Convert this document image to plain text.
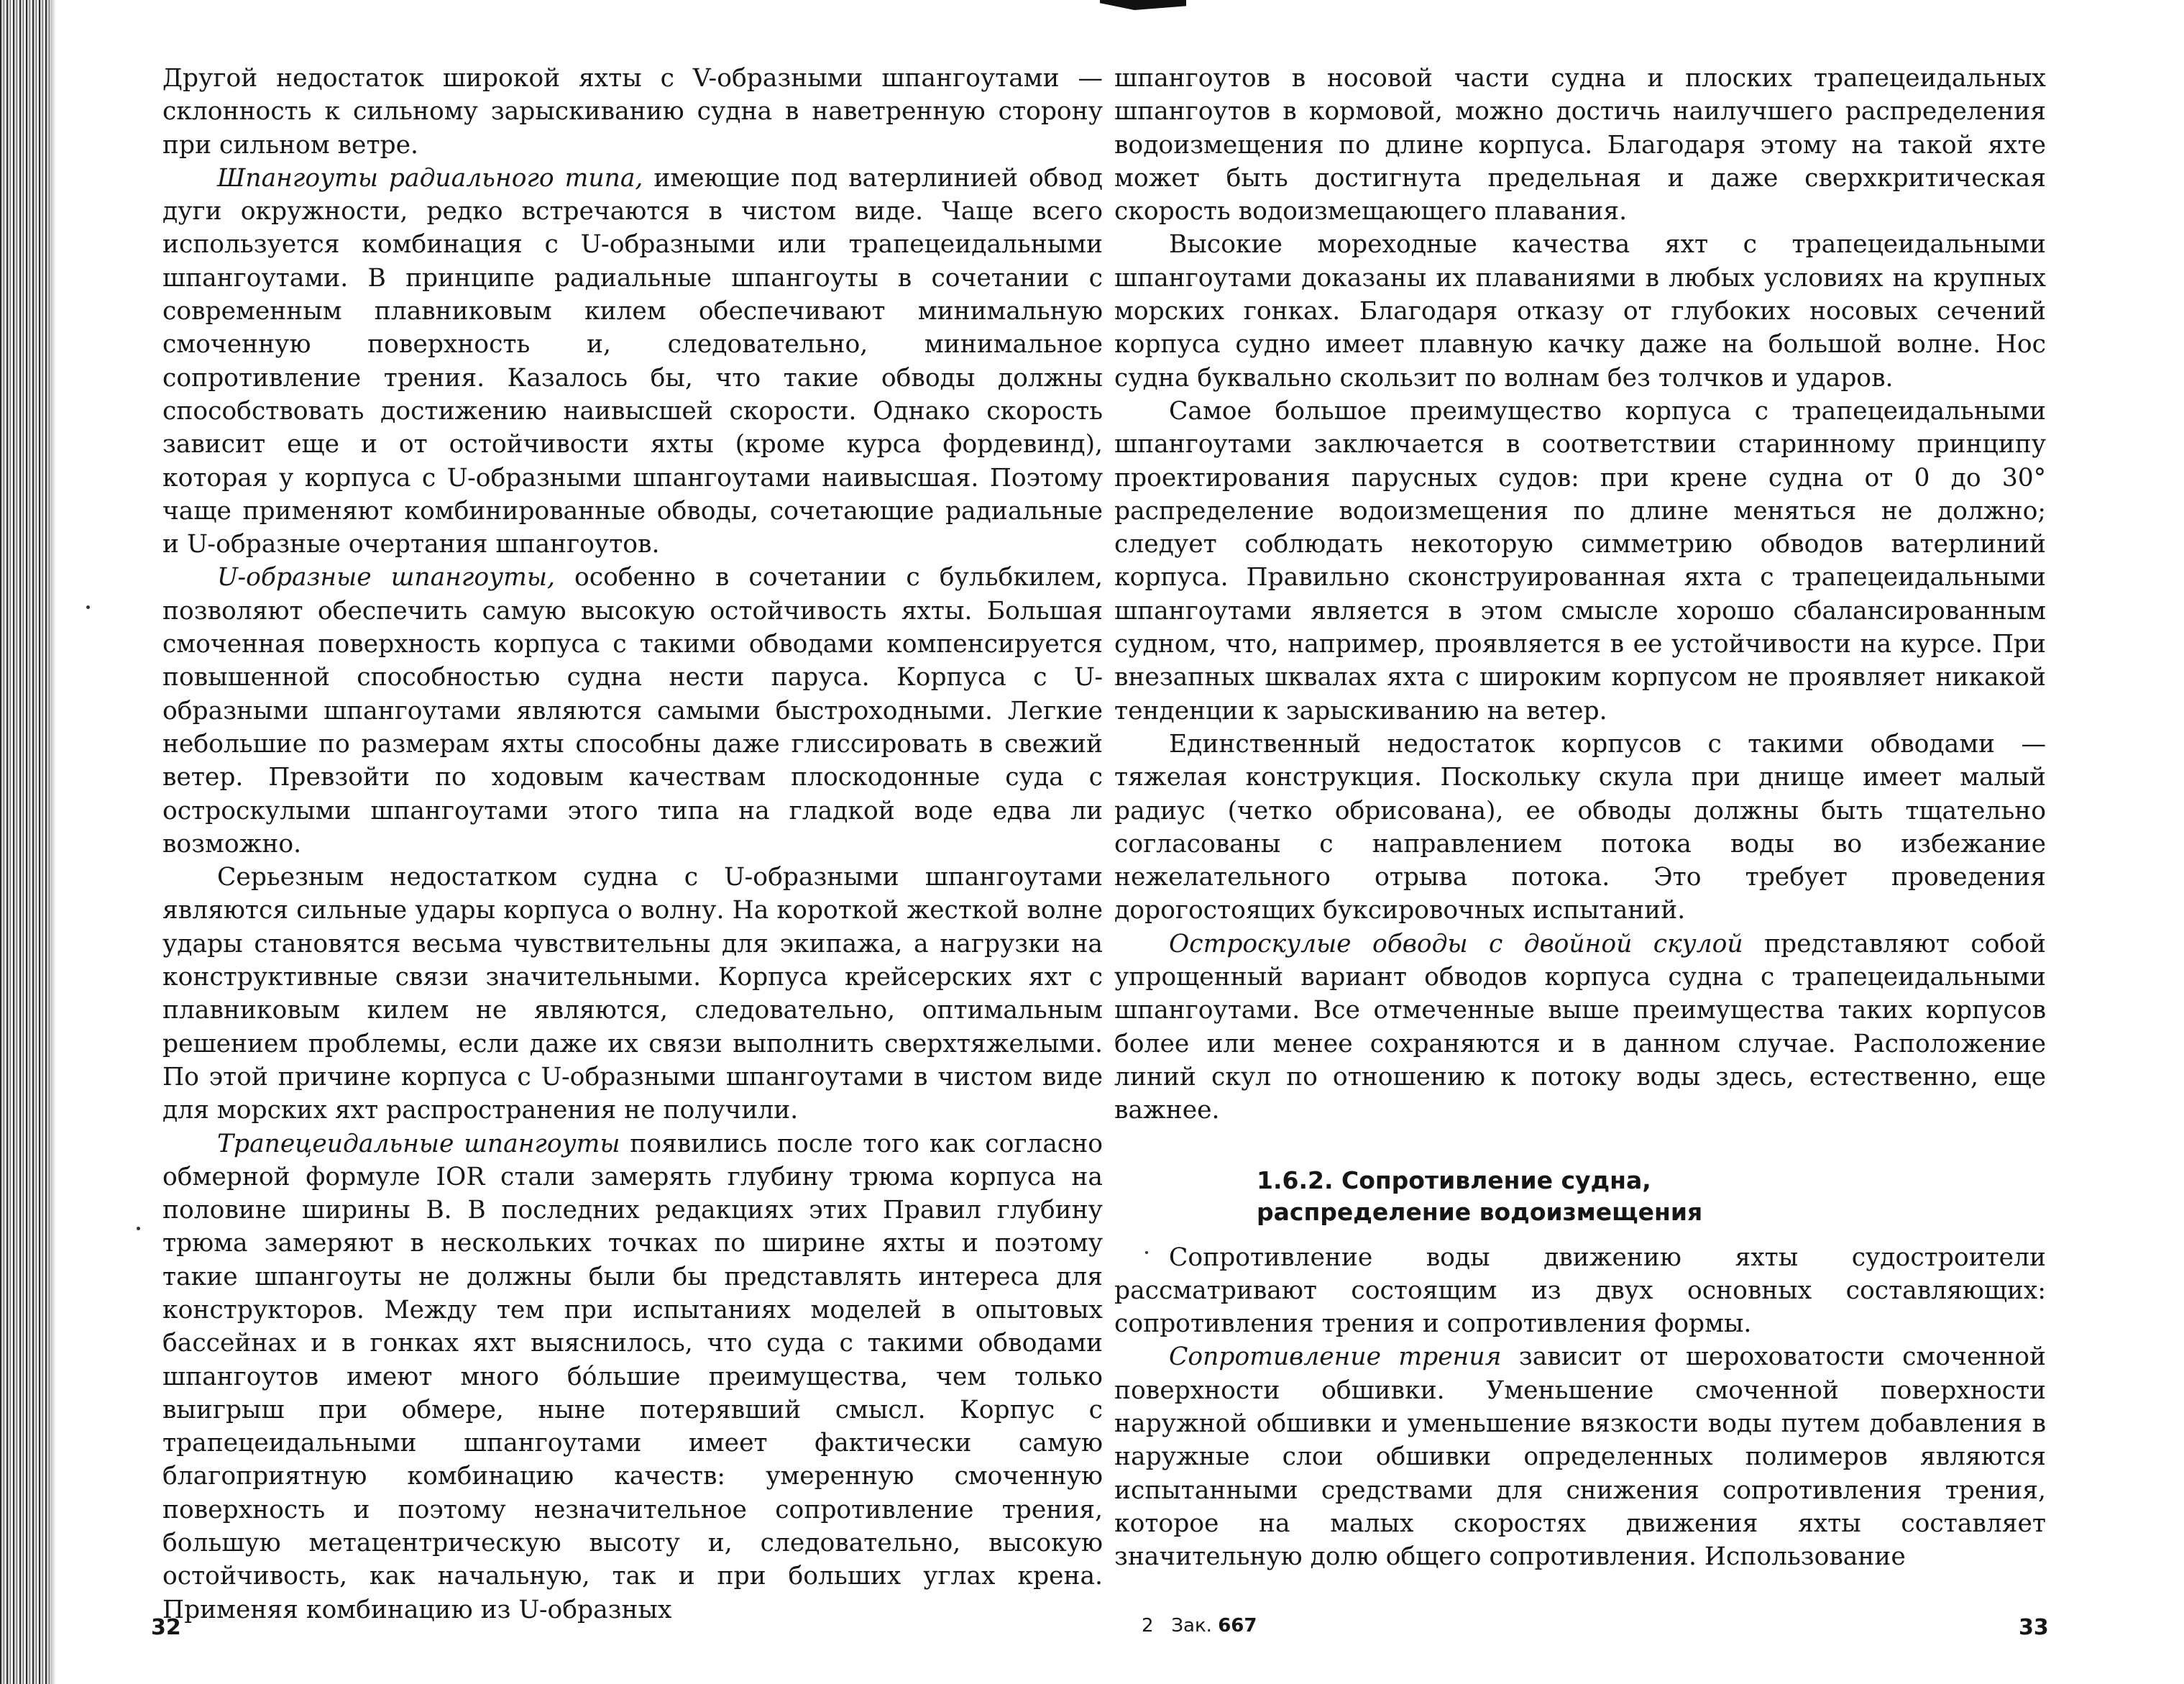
Другой недостаток широкой яхты с V-образными шпангоутами — склонность к сильному зарыскиванию судна в наветренную сторону при сильном ветре.

Шпангоуты радиального типа, имеющие под ватерлинией обвод дуги окружности, редко встречаются в чистом виде. Чаще всего используется комбинация с U-образными или трапецеидальными шпангоутами. В принципе радиальные шпангоуты в сочетании с современным плавниковым килем обеспечивают минимальную смоченную поверхность и, следовательно, минимальное сопротивление трения. Казалось бы, что такие обводы должны способствовать достижению наивысшей скорости. Однако скорость зависит еще и от остойчивости яхты (кроме курса фордевинд), которая у корпуса с U-образными шпангоутами наивысшая. Поэтому чаще применяют комбинированные обводы, сочетающие радиальные и U-образные очертания шпангоутов.

U-образные шпангоуты, особенно в сочетании с бульбкилем, позволяют обеспечить самую высокую остойчивость яхты. Большая смоченная поверхность корпуса с такими обводами компенсируется повышенной способностью судна нести паруса. Корпуса с U-образными шпангоутами являются самыми быстроходными. Легкие небольшие по размерам яхты способны даже глиссировать в свежий ветер. Превзойти по ходовым качествам плоскодонные суда с остроскулыми шпангоутами этого типа на гладкой воде едва ли возможно.

Серьезным недостатком судна с U-образными шпангоутами являются сильные удары корпуса о волну. На короткой жесткой волне удары становятся весьма чувствительны для экипажа, а нагрузки на конструктивные связи значительными. Корпуса крейсерских яхт с плавниковым килем не являются, следовательно, оптимальным решением проблемы, если даже их связи выполнить сверхтяжелыми. По этой причине корпуса с U-образными шпангоутами в чистом виде для морских яхт распространения не получили.

Трапецеидальные шпангоуты появились после того как согласно обмерной формуле IOR стали замерять глубину трюма корпуса на половине ширины B. В последних редакциях этих Правил глубину трюма замеряют в нескольких точках по ширине яхты и поэтому такие шпангоуты не должны были бы представлять интереса для конструкторов. Между тем при испытаниях моделей в опытовых бассейнах и в гонках яхт выяснилось, что суда с такими обводами шпангоутов имеют много бо́льшие преимущества, чем только выигрыш при обмере, ныне потерявший смысл. Корпус с трапецеидальными шпангоутами имеет фактически самую благоприятную комбинацию качеств: умеренную смоченную поверхность и поэтому незначительное сопротивление трения, большую метацентрическую высоту и, следовательно, высокую остойчивость, как начальную, так и при больших углах крена. Применяя комбинацию из U-образных

шпангоутов в носовой части судна и плоских трапецеидальных шпангоутов в кормовой, можно достичь наилучшего распределения водоизмещения по длине корпуса. Благодаря этому на такой яхте может быть достигнута предельная и даже сверхкритическая скорость водоизмещающего плавания.

Высокие мореходные качества яхт с трапецеидальными шпангоутами доказаны их плаваниями в любых условиях на крупных морских гонках. Благодаря отказу от глубоких носовых сечений корпуса судно имеет плавную качку даже на большой волне. Нос судна буквально скользит по волнам без толчков и ударов.

Самое большое преимущество корпуса с трапецеидальными шпангоутами заключается в соответствии старинному принципу проектирования парусных судов: при крене судна от 0 до 30° распределение водоизмещения по длине меняться не должно; следует соблюдать некоторую симметрию обводов ватерлиний корпуса. Правильно сконструированная яхта с трапецеидальными шпангоутами является в этом смысле хорошо сбалансированным судном, что, например, проявляется в ее устойчивости на курсе. При внезапных шквалах яхта с широким корпусом не проявляет никакой тенденции к зарыскиванию на ветер.

Единственный недостаток корпусов с такими обводами — тяжелая конструкция. Поскольку скула при днище имеет малый радиус (четко обрисована), ее обводы должны быть тщательно согласованы с направлением потока воды во избежание нежелательного отрыва потока. Это требует проведения дорогостоящих буксировочных испытаний.

Остроскулые обводы с двойной скулой представляют собой упрощенный вариант обводов корпуса судна с трапецеидальными шпангоутами. Все отмеченные выше преимущества таких корпусов более или менее сохраняются и в данном случае. Расположение линий скул по отношению к потоку воды здесь, естественно, еще важнее.

1.6.2. Сопротивление судна,
распределение водоизмещения

Сопротивление воды движению яхты судостроители рассматривают состоящим из двух основных составляющих: сопротивления трения и сопротивления формы.

Сопротивление трения зависит от шероховатости смоченной поверхности обшивки. Уменьшение смоченной поверхности наружной обшивки и уменьшение вязкости воды путем добавления в наружные слои обшивки определенных полимеров являются испытанными средствами для снижения сопротивления трения, которое на малых скоростях движения яхты составляет значительную долю общего сопротивления. Использование

32	2 Зак. 667	33
